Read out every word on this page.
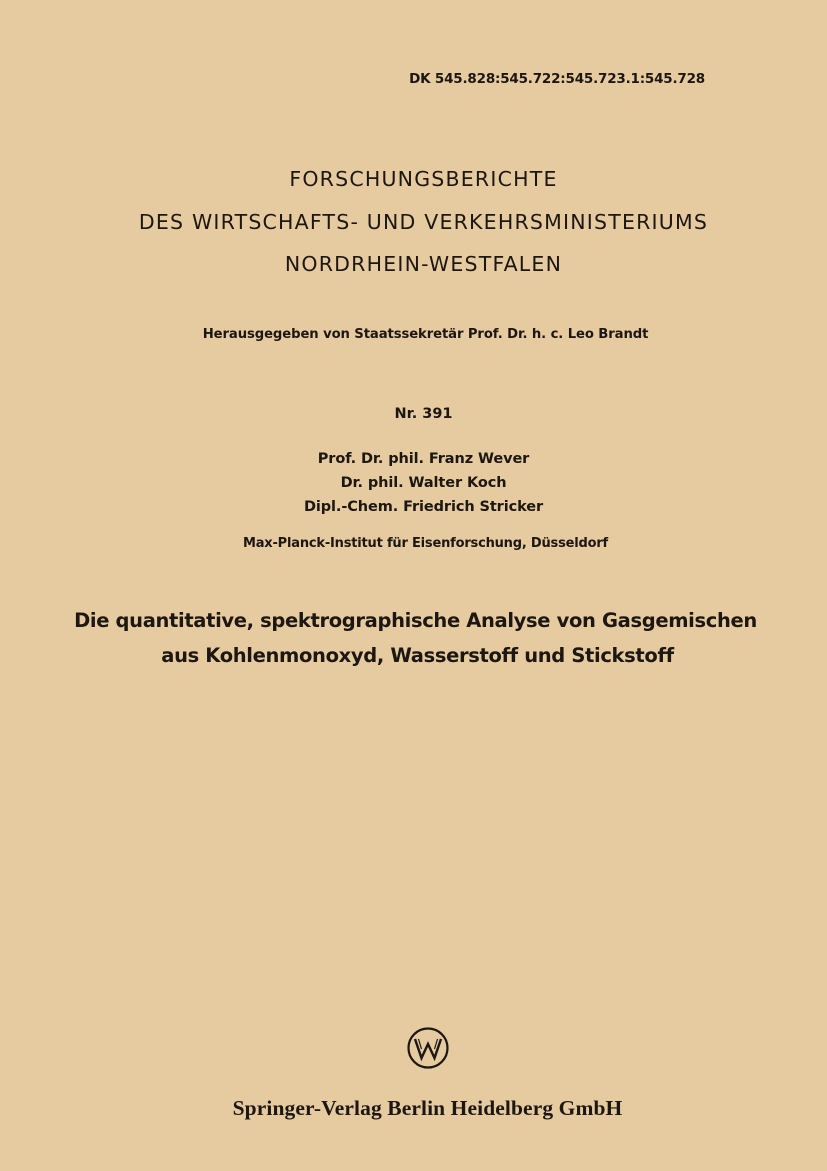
DK 545.828:545.722:545.723.1:545.728
FORSCHUNGSBERICHTE
DES WIRTSCHAFTS- UND VERKEHRSMINISTERIUMS
NORDRHEIN-WESTFALEN
Herausgegeben von Staatssekretär Prof. Dr. h. c. Leo Brandt
Nr. 391
Prof. Dr. phil. Franz Wever
Dr. phil. Walter Koch
Dipl.-Chem. Friedrich Stricker
Max-Planck-Institut für Eisenforschung, Düsseldorf
Die quantitative, spektrographische Analyse von Gasgemischen
aus Kohlenmonoxyd, Wasserstoff und Stickstoff
Springer-Verlag Berlin Heidelberg GmbH
